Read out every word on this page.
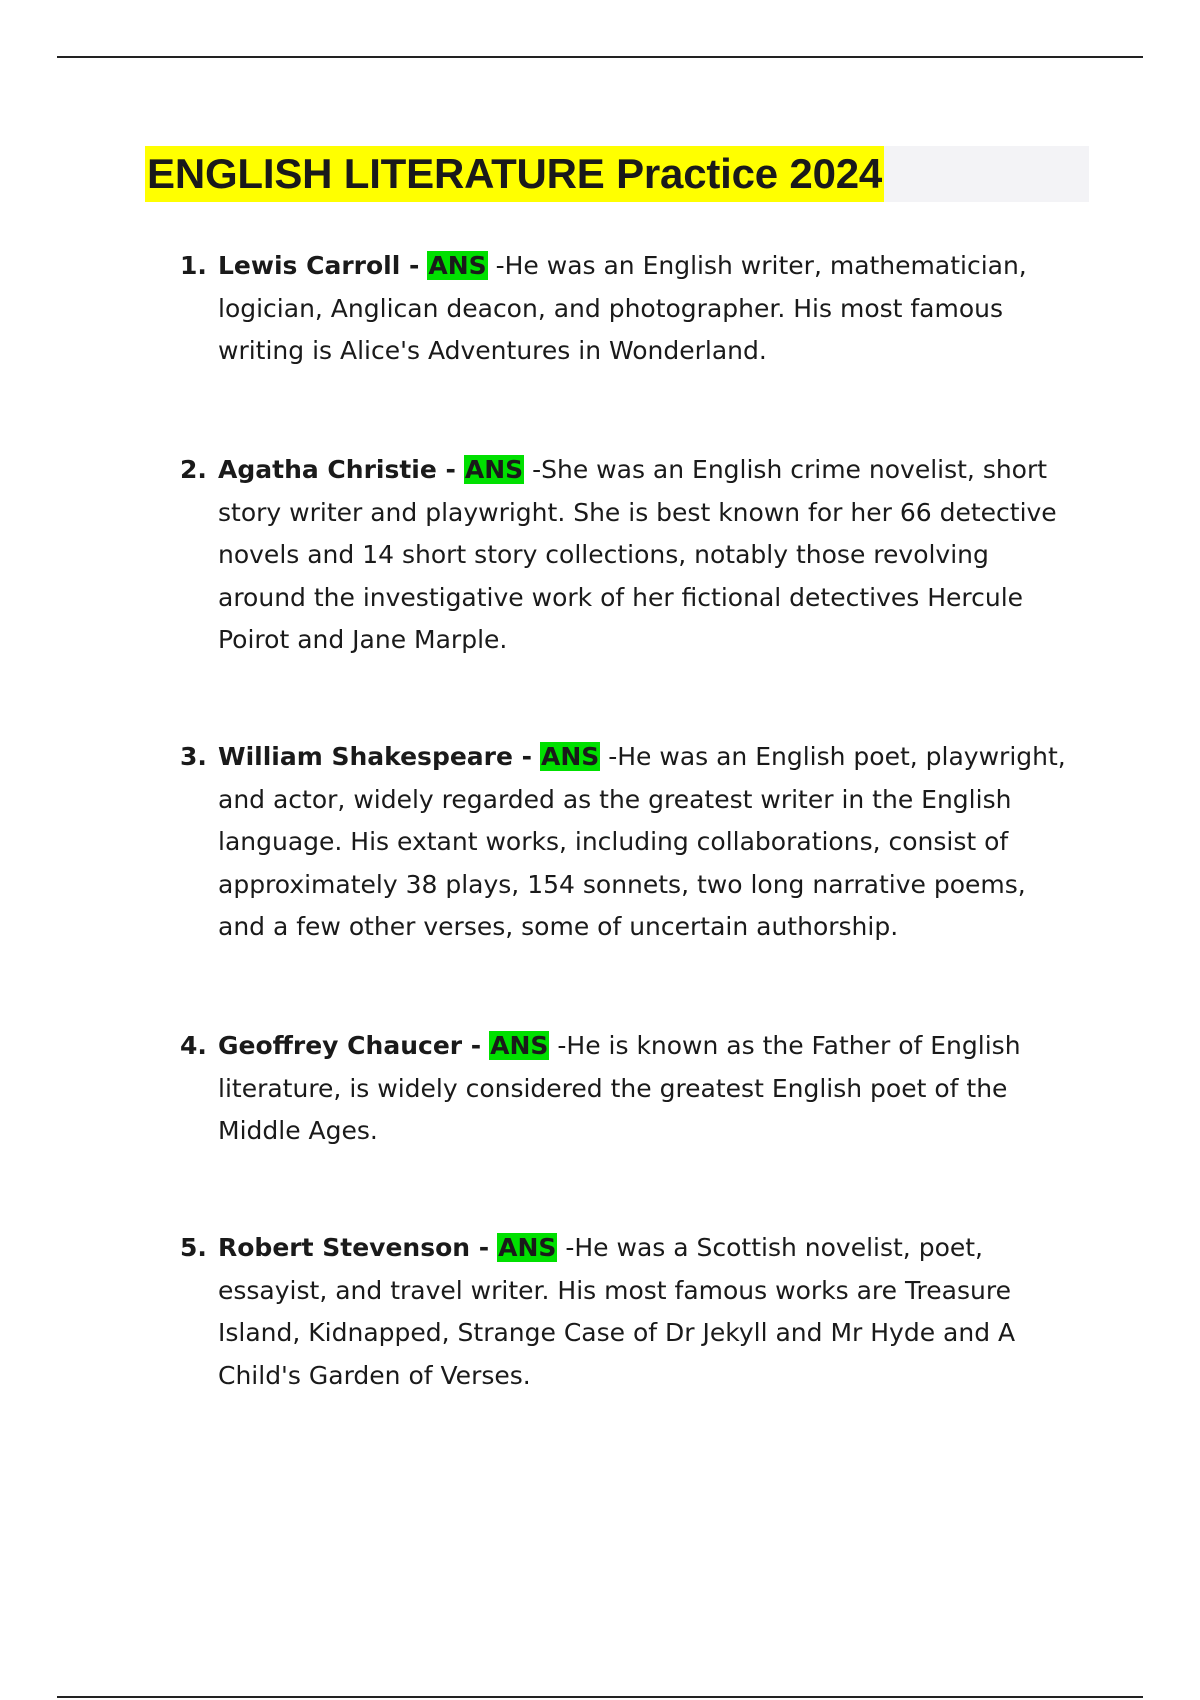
ENGLISH LITERATURE Practice 2024
1. Lewis Carroll - ANS -He was an English writer, mathematician, logician, Anglican deacon, and photographer. His most famous writing is Alice's Adventures in Wonderland.
2. Agatha Christie - ANS -She was an English crime novelist, short story writer and playwright. She is best known for her 66 detective novels and 14 short story collections, notably those revolving around the investigative work of her fictional detectives Hercule Poirot and Jane Marple.
3. William Shakespeare - ANS -He was an English poet, playwright, and actor, widely regarded as the greatest writer in the English language. His extant works, including collaborations, consist of approximately 38 plays, 154 sonnets, two long narrative poems, and a few other verses, some of uncertain authorship.
4. Geoffrey Chaucer - ANS -He is known as the Father of English literature, is widely considered the greatest English poet of the Middle Ages.
5. Robert Stevenson - ANS -He was a Scottish novelist, poet, essayist, and travel writer. His most famous works are Treasure Island, Kidnapped, Strange Case of Dr Jekyll and Mr Hyde and A Child's Garden of Verses.
